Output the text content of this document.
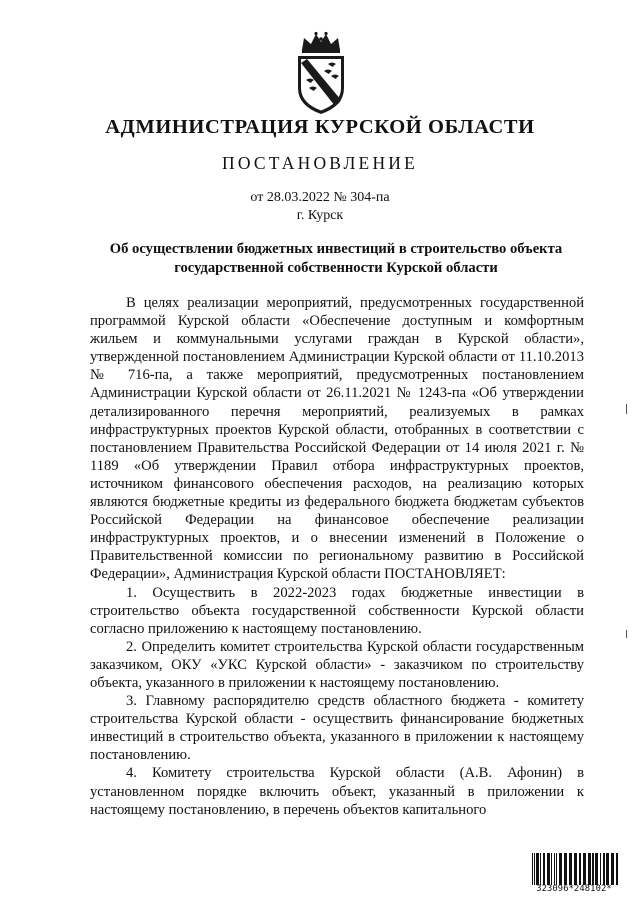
АДМИНИСТРАЦИЯ КУРСКОЙ ОБЛАСТИ
ПОСТАНОВЛЕНИЕ
от 28.03.2022 № 304-па
г. Курск
Об осуществлении бюджетных инвестиций в строительство объекта
государственной собственности Курской области

В целях реализации мероприятий, предусмотренных государственной программой Курской области «Обеспечение доступным и комфортным жильем и коммунальными услугами граждан в Курской области», утвержденной постановлением Администрации Курской области от 11.10.2013 № 716-па, а также мероприятий, предусмотренных постановлением Администрации Курской области от 26.11.2021 № 1243-па «Об утверждении детализированного перечня мероприятий, реализуемых в рамках инфраструктурных проектов Курской области, отобранных в соответствии с постановлением Правительства Российской Федерации от 14 июля 2021 г. № 1189 «Об утверждении Правил отбора инфраструктурных проектов, источником финансового обеспечения расходов, на реализацию которых являются бюджетные кредиты из федерального бюджета бюджетам субъектов Российской Федерации на финансовое обеспечение реализации инфраструктурных проектов, и о внесении изменений в Положение о Правительственной комиссии по региональному развитию в Российской Федерации», Администрация Курской области ПОСТАНОВЛЯЕТ:

1. Осуществить в 2022-2023 годах бюджетные инвестиции в строительство объекта государственной собственности Курской области согласно приложению к настоящему постановлению.

2. Определить комитет строительства Курской области государственным заказчиком, ОКУ «УКС Курской области» - заказчиком по строительству объекта, указанного в приложении к настоящему постановлению.

3. Главному распорядителю средств областного бюджета - комитету строительства Курской области - осуществить финансирование бюджетных инвестиций в строительство объекта, указанного в приложении к настоящему постановлению.

4. Комитету строительства Курской области (А.В. Афонин) в установленном порядке включить объект, указанный в приложении к настоящему постановлению, в перечень объектов капитального

323096*248102*
